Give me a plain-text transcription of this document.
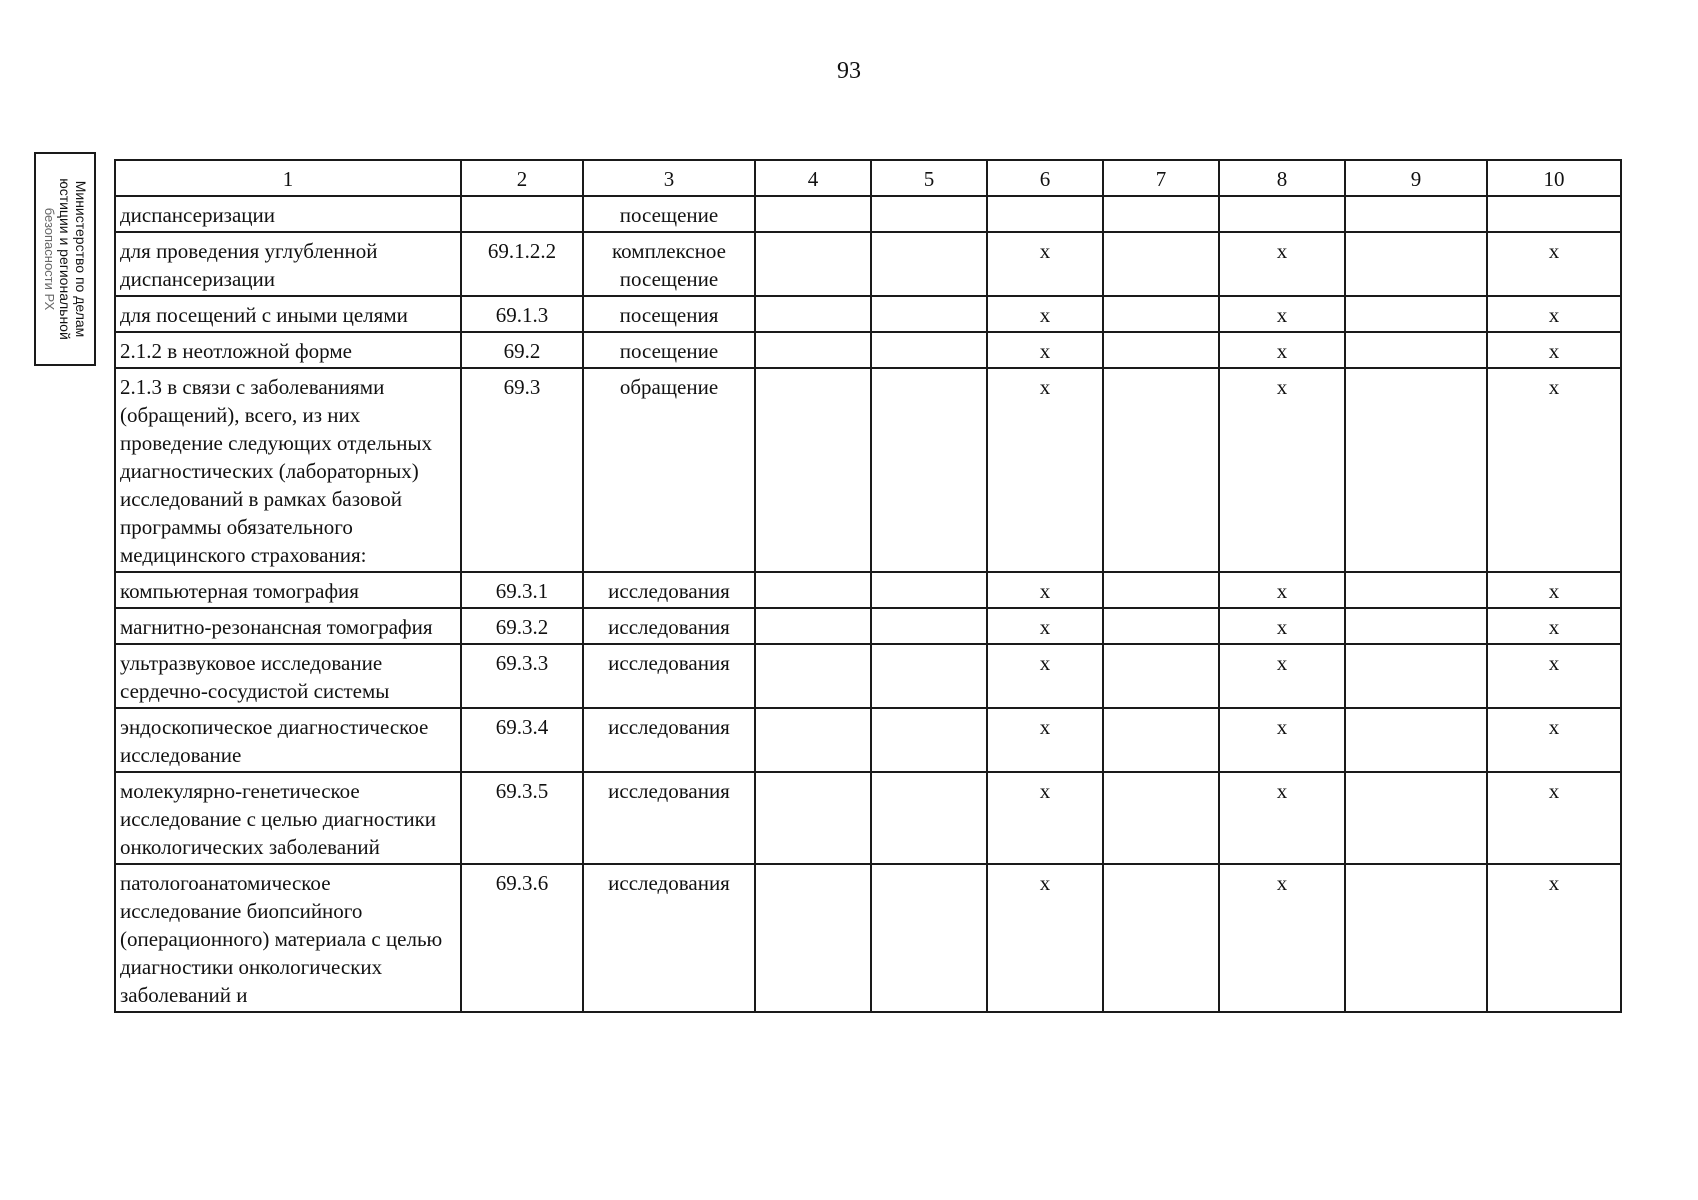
93
Министерство по делам
юстиции и региональной
безопасности РХ
1	2	3	4	5	6	7	8	9	10
диспансеризации		посещение							
для проведения углубленной диспансеризации	69.1.2.2	комплексное посещение			x		x		x
для посещений с иными целями	69.1.3	посещения			x		x		x
2.1.2 в неотложной форме	69.2	посещение			x		x		x
2.1.3 в связи с заболеваниями (обращений), всего, из них проведение следующих отдельных диагностических (лабораторных) исследований в рамках базовой программы обязательного медицинского страхования:	69.3	обращение			x		x		x
компьютерная томография	69.3.1	исследования			x		x		x
магнитно-резонансная томография	69.3.2	исследования			x		x		x
ультразвуковое исследование сердечно-сосудистой системы	69.3.3	исследования			x		x		x
эндоскопическое диагностическое исследование	69.3.4	исследования			x		x		x
молекулярно-генетическое исследование с целью диагностики онкологических заболеваний	69.3.5	исследования			x		x		x
патологоанатомическое исследование биопсийного (операционного) материала с целью диагностики онкологических заболеваний и	69.3.6	исследования			x		x		x
